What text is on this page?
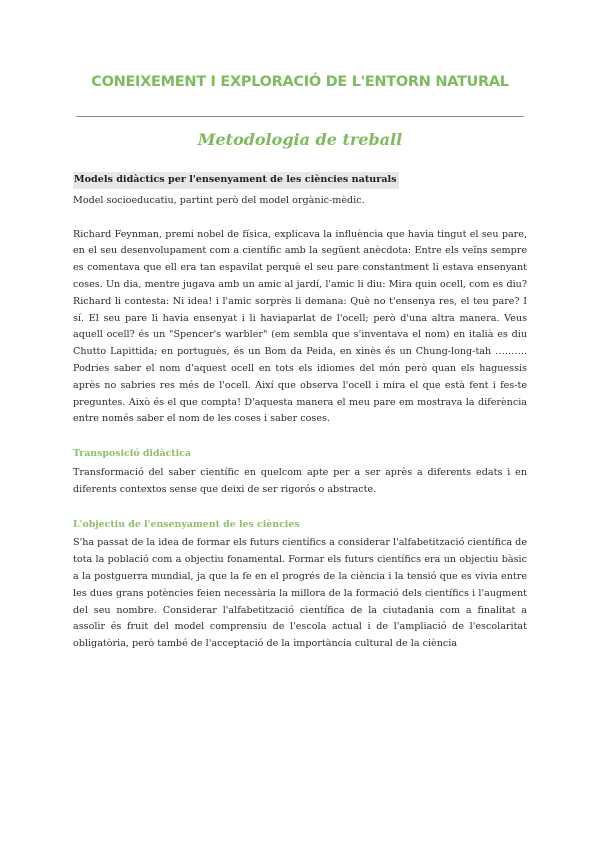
CONEIXEMENT I EXPLORACIÓ DE L'ENTORN NATURAL
Metodologia de treball
Models didàctics per l'ensenyament de les ciències naturals

Model socioeducatiu, partint però del model orgànic-mèdic.

Richard Feynman, premi nobel de física, explicava la influència que havia tingut el seu pare, en el seu desenvolupament com a científic amb la següent anècdota: Entre els veïns sempre es comentava que ell era tan espavilat perquè el seu pare constantment li estava ensenyant coses. Un dia, mentre jugava amb un amic al jardí, l'amic li diu: Mira quin ocell, com es diu? Richard li contesta: Ni idea! i l'amic sorprès li demana: Què no t'ensenya res, el teu pare? I sí. El seu pare li havia ensenyat i li haviaparlat de l'ocell; però d'una altra manera. Veus aquell ocell? és un "Spencer's warbler" (em sembla que s'inventava el nom) en italià es diu Chutto Lapittida; en portuguès, és un Bom da Peida, en xinès és un Chung-long-tah ………. Podries saber el nom d'aquest ocell en tots els idiomes del món però quan els haguessis après no sabries res més de l'ocell. Així que observa l'ocell i mira el que està fent i fes-te preguntes. Això és el que compta! D'aquesta manera el meu pare em mostrava la diferència entre només saber el nom de les coses i saber coses.

Transposició didàctica

Transformació del saber científic en quelcom apte per a ser après a diferents edats i en diferents contextos sense que deixi de ser rigorós o abstracte.

L'objectiu de l'ensenyament de les ciències

S'ha passat de la idea de formar els futurs científics a considerar l'alfabetització científica de tota la població com a objectiu fonamental. Formar els futurs científics era un objectiu bàsic a la postguerra mundial, ja que la fe en el progrés de la ciència i la tensió que es vivia entre les dues grans potències feien necessària la millora de la formació dels científics i l'augment del seu nombre. Considerar l'alfabetització científica de la ciutadania com a finalitat a assolir és fruit del model comprensiu de l'escola actual i de l'ampliació de l'escolaritat obligatòria, però també de l'acceptació de la importància cultural de la ciència
